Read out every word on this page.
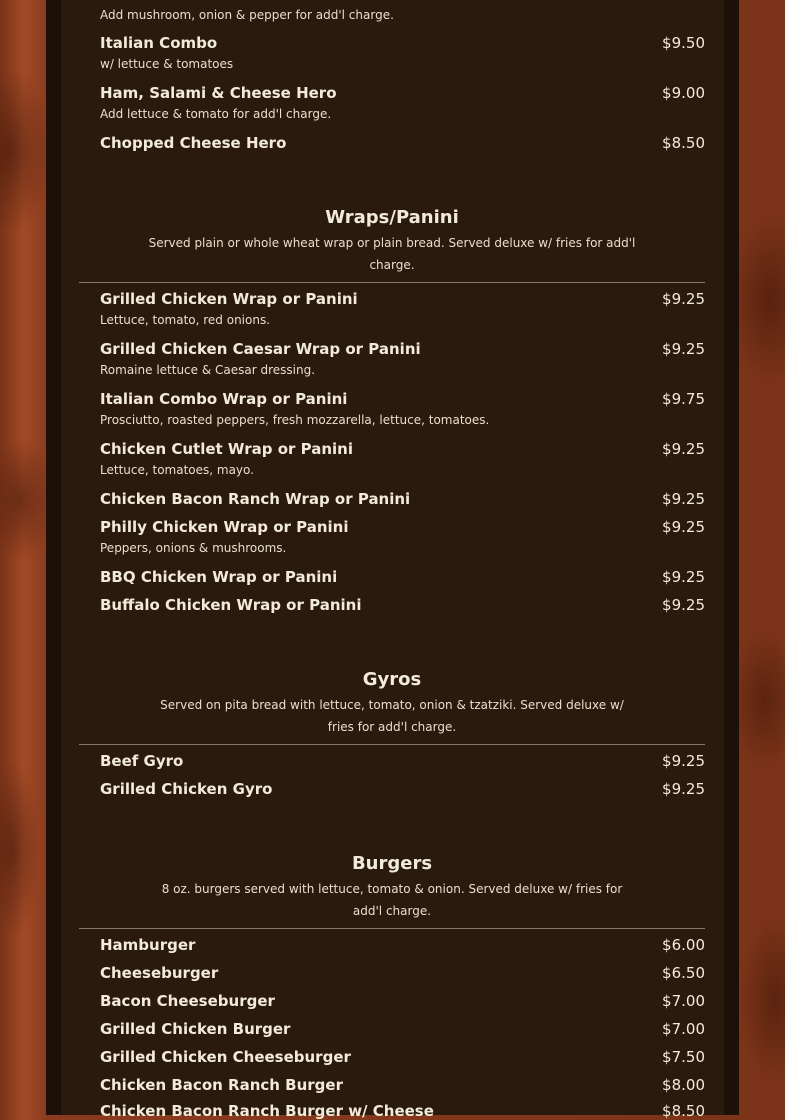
Add mushroom, onion & pepper for add'l charge.
Italian Combo	$9.50
w/ lettuce & tomatoes
Ham, Salami & Cheese Hero	$9.00
Add lettuce & tomato for add'l charge.
Chopped Cheese Hero	$8.50
Wraps/Panini
Served plain or whole wheat wrap or plain bread. Served deluxe w/ fries for add'l
charge.
Grilled Chicken Wrap or Panini	$9.25
Lettuce, tomato, red onions.
Grilled Chicken Caesar Wrap or Panini	$9.25
Romaine lettuce & Caesar dressing.
Italian Combo Wrap or Panini	$9.75
Prosciutto, roasted peppers, fresh mozzarella, lettuce, tomatoes.
Chicken Cutlet Wrap or Panini	$9.25
Lettuce, tomatoes, mayo.
Chicken Bacon Ranch Wrap or Panini	$9.25
Philly Chicken Wrap or Panini	$9.25
Peppers, onions & mushrooms.
BBQ Chicken Wrap or Panini	$9.25
Buffalo Chicken Wrap or Panini	$9.25
Gyros
Served on pita bread with lettuce, tomato, onion & tzatziki. Served deluxe w/
fries for add'l charge.
Beef Gyro	$9.25
Grilled Chicken Gyro	$9.25
Burgers
8 oz. burgers served with lettuce, tomato & onion. Served deluxe w/ fries for
add'l charge.
Hamburger	$6.00
Cheeseburger	$6.50
Bacon Cheeseburger	$7.00
Grilled Chicken Burger	$7.00
Grilled Chicken Cheeseburger	$7.50
Chicken Bacon Ranch Burger	$8.00
Chicken Bacon Ranch Burger w/ Cheese	$8.50
